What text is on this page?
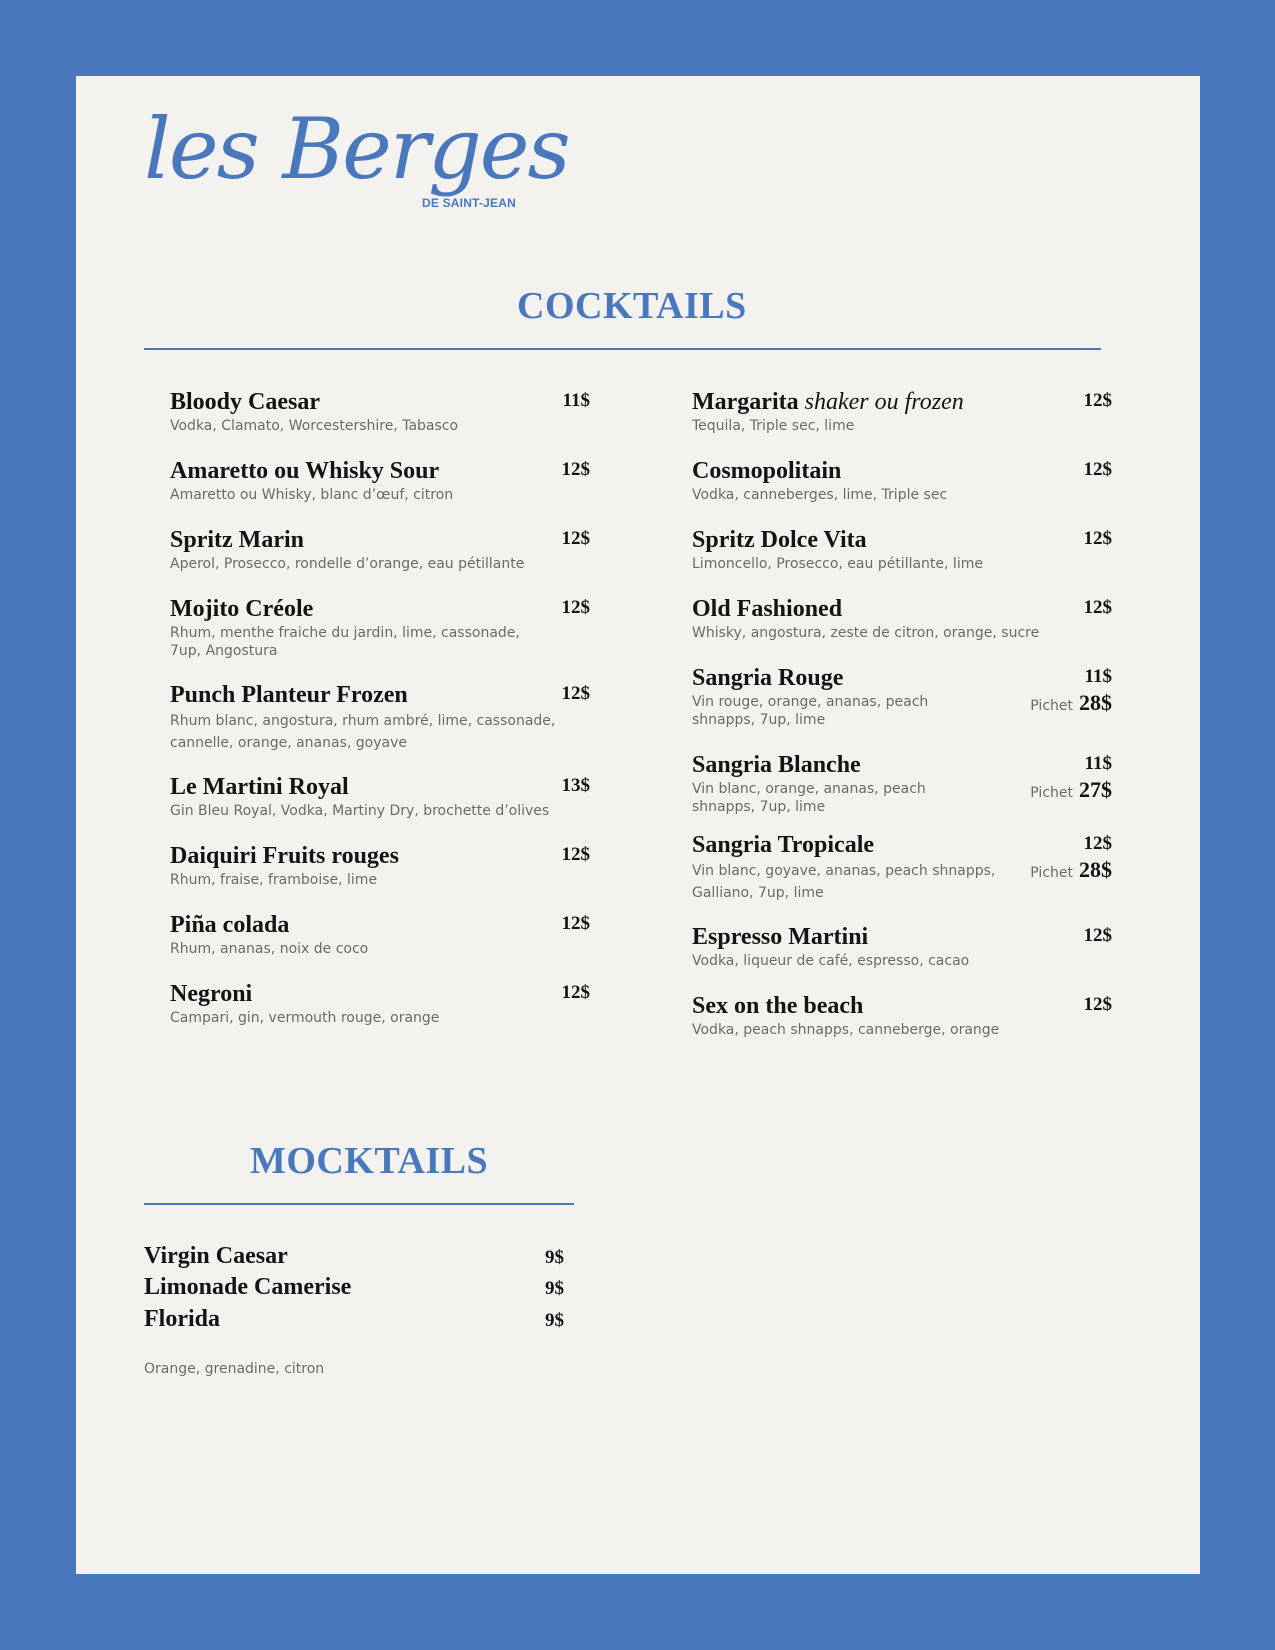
les Berges
DE SAINT-JEAN
COCKTAILS
Bloody Caesar	11$
Vodka, Clamato, Worcestershire, Tabasco
Amaretto ou Whisky Sour	12$
Amaretto ou Whisky, blanc d’œuf, citron
Spritz Marin	12$
Aperol, Prosecco, rondelle d’orange, eau pétillante
Mojito Créole	12$
Rhum, menthe fraiche du jardin, lime, cassonade, 7up, Angostura
Punch Planteur Frozen	12$
Rhum blanc, angostura, rhum ambré, lime, cassonade, cannelle, orange, ananas, goyave
Le Martini Royal	13$
Gin Bleu Royal, Vodka, Martiny Dry, brochette d’olives
Daiquiri Fruits rouges	12$
Rhum, fraise, framboise, lime
Piña colada	12$
Rhum, ananas, noix de coco
Negroni	12$
Campari, gin, vermouth rouge, orange
Margarita shaker ou frozen	12$
Tequila, Triple sec, lime
Cosmopolitain	12$
Vodka, canneberges, lime, Triple sec
Spritz Dolce Vita	12$
Limoncello, Prosecco, eau pétillante, lime
Old Fashioned	12$
Whisky, angostura, zeste de citron, orange, sucre
Sangria Rouge	11$
Pichet 28$
Vin rouge, orange, ananas, peach shnapps, 7up, lime
Sangria Blanche	11$
Pichet 27$
Vin blanc, orange, ananas, peach shnapps, 7up, lime
Sangria Tropicale	12$
Pichet 28$
Vin blanc, goyave, ananas, peach shnapps, Galliano, 7up, lime
Espresso Martini	12$
Vodka, liqueur de café, espresso, cacao
Sex on the beach	12$
Vodka, peach shnapps, canneberge, orange
MOCKTAILS
Virgin Caesar	9$
Limonade Camerise	9$
Florida	9$
Orange, grenadine, citron
